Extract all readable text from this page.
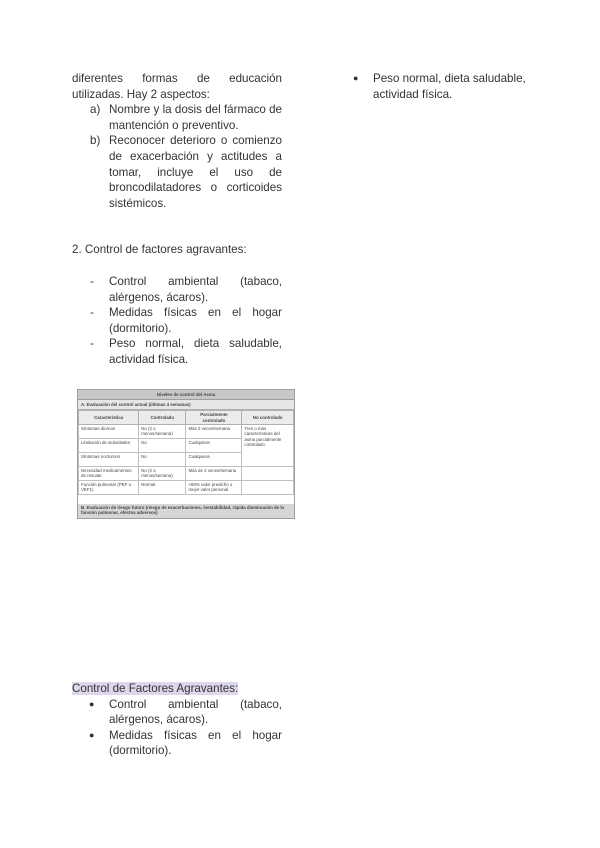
diferentes formas de educación utilizadas. Hay 2 aspectos:
a) Nombre y la dosis del fármaco de mantención o preventivo.
b) Reconocer deterioro o comienzo de exacerbación y actitudes a tomar, incluye el uso de broncodilatadores o corticoides sistémicos.
2. Control de factores agravantes:
- Control ambiental (tabaco, alérgenos, ácaros).
- Medidas físicas en el hogar (dormitorio).
- Peso normal, dieta saludable, actividad física.
Niveles de control del Asma
A. Evaluación del control actual (últimas 4 semanas)
Característica	Controlado	Parcialmente controlado	No controlado
Síntomas diurnos	No (2 o menos/semana)	Más 2 veces/semana	Tres o más características del asma parcialmente controlado
Limitación de actividades	No	Cualquiera	
Síntomas nocturnos	No	Cualquiera	
Necesidad medicamentos de rescate	No (2 o menos/semana)	Más de 2 veces/semana	
Función pulmonar (PEF o VEF1)	Normal	<80% valor predicho o mejor valor personal	
B. Evaluación de riesgo futuro (riesgo de exacerbaciones, inestabilidad, rápida disminución de la función pulmonar, efectos adversos)
Control de Factores Agravantes:
● Control ambiental (tabaco, alérgenos, ácaros).
● Medidas físicas en el hogar (dormitorio).
● Peso normal, dieta saludable, actividad física.
